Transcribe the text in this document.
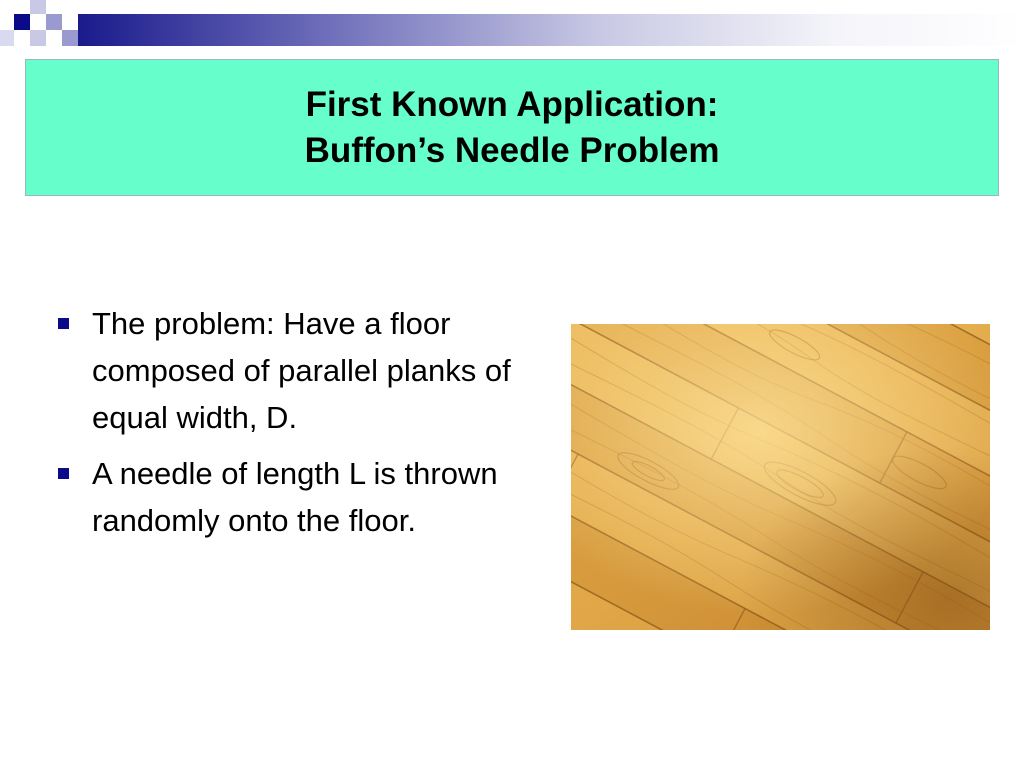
First Known Application:
Buffon’s Needle Problem
The problem: Have a floor composed of parallel planks of equal width, D.
A needle of length L is thrown randomly onto the floor.
